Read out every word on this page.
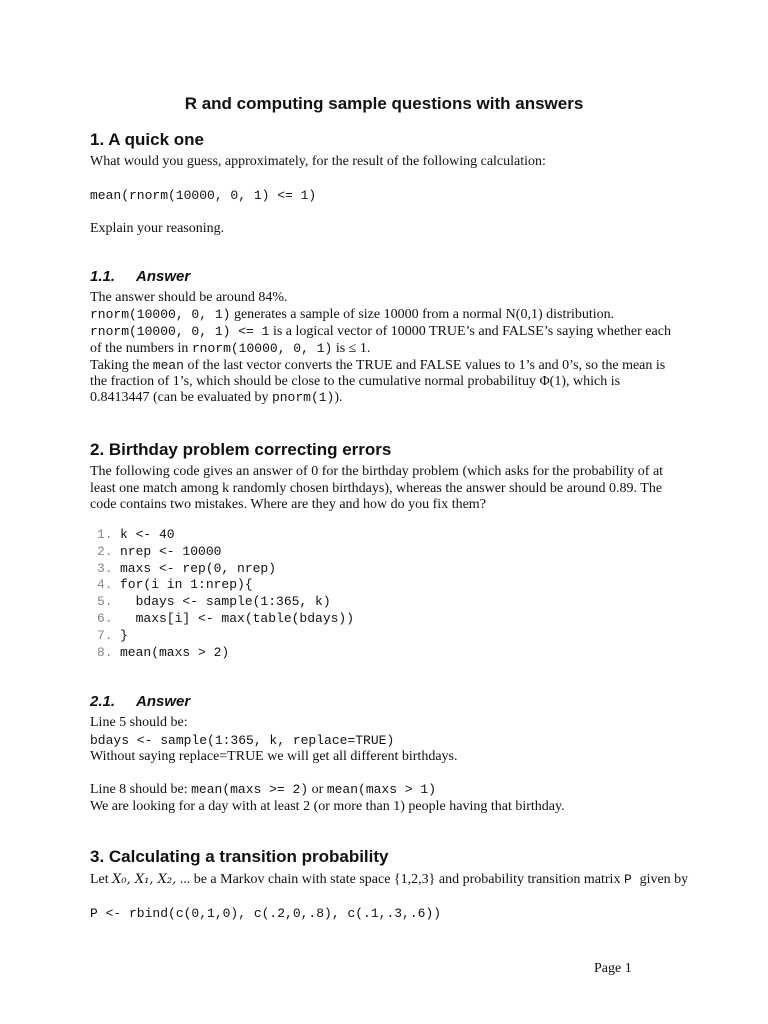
R and computing sample questions with answers
1. A quick one
What would you guess, approximately, for the result of the following calculation:
mean(rnorm(10000, 0, 1) <= 1)
Explain your reasoning.
1.1. Answer
The answer should be around 84%.
rnorm(10000, 0, 1) generates a sample of size 10000 from a normal N(0,1) distribution.
rnorm(10000, 0, 1) <= 1 is a logical vector of 10000 TRUE’s and FALSE’s saying whether each
of the numbers in rnorm(10000, 0, 1) is ≤ 1.
Taking the mean of the last vector converts the TRUE and FALSE values to 1’s and 0’s, so the mean is
the fraction of 1’s, which should be close to the cumulative normal probabilituy Φ(1), which is
0.8413447 (can be evaluated by pnorm(1)).
2. Birthday problem correcting errors
The following code gives an answer of 0 for the birthday problem (which asks for the probability of at
least one match among k randomly chosen birthdays), whereas the answer should be around 0.89. The
code contains two mistakes. Where are they and how do you fix them?
1. k <- 40
2. nrep <- 10000
3. maxs <- rep(0, nrep)
4. for(i in 1:nrep){
5.  bdays <- sample(1:365, k)
6.  maxs[i] <- max(table(bdays))
7. }
8. mean(maxs > 2)
2.1. Answer
Line 5 should be:
bdays <- sample(1:365, k, replace=TRUE)
Without saying replace=TRUE we will get all different birthdays.
Line 8 should be: mean(maxs >= 2) or mean(maxs > 1)
We are looking for a day with at least 2 (or more than 1) people having that birthday.
3. Calculating a transition probability
Let X₀, X₁, X₂, ... be a Markov chain with state space {1,2,3} and probability transition matrix P given by
P <- rbind(c(0,1,0), c(.2,0,.8), c(.1,.3,.6))
Page 1
